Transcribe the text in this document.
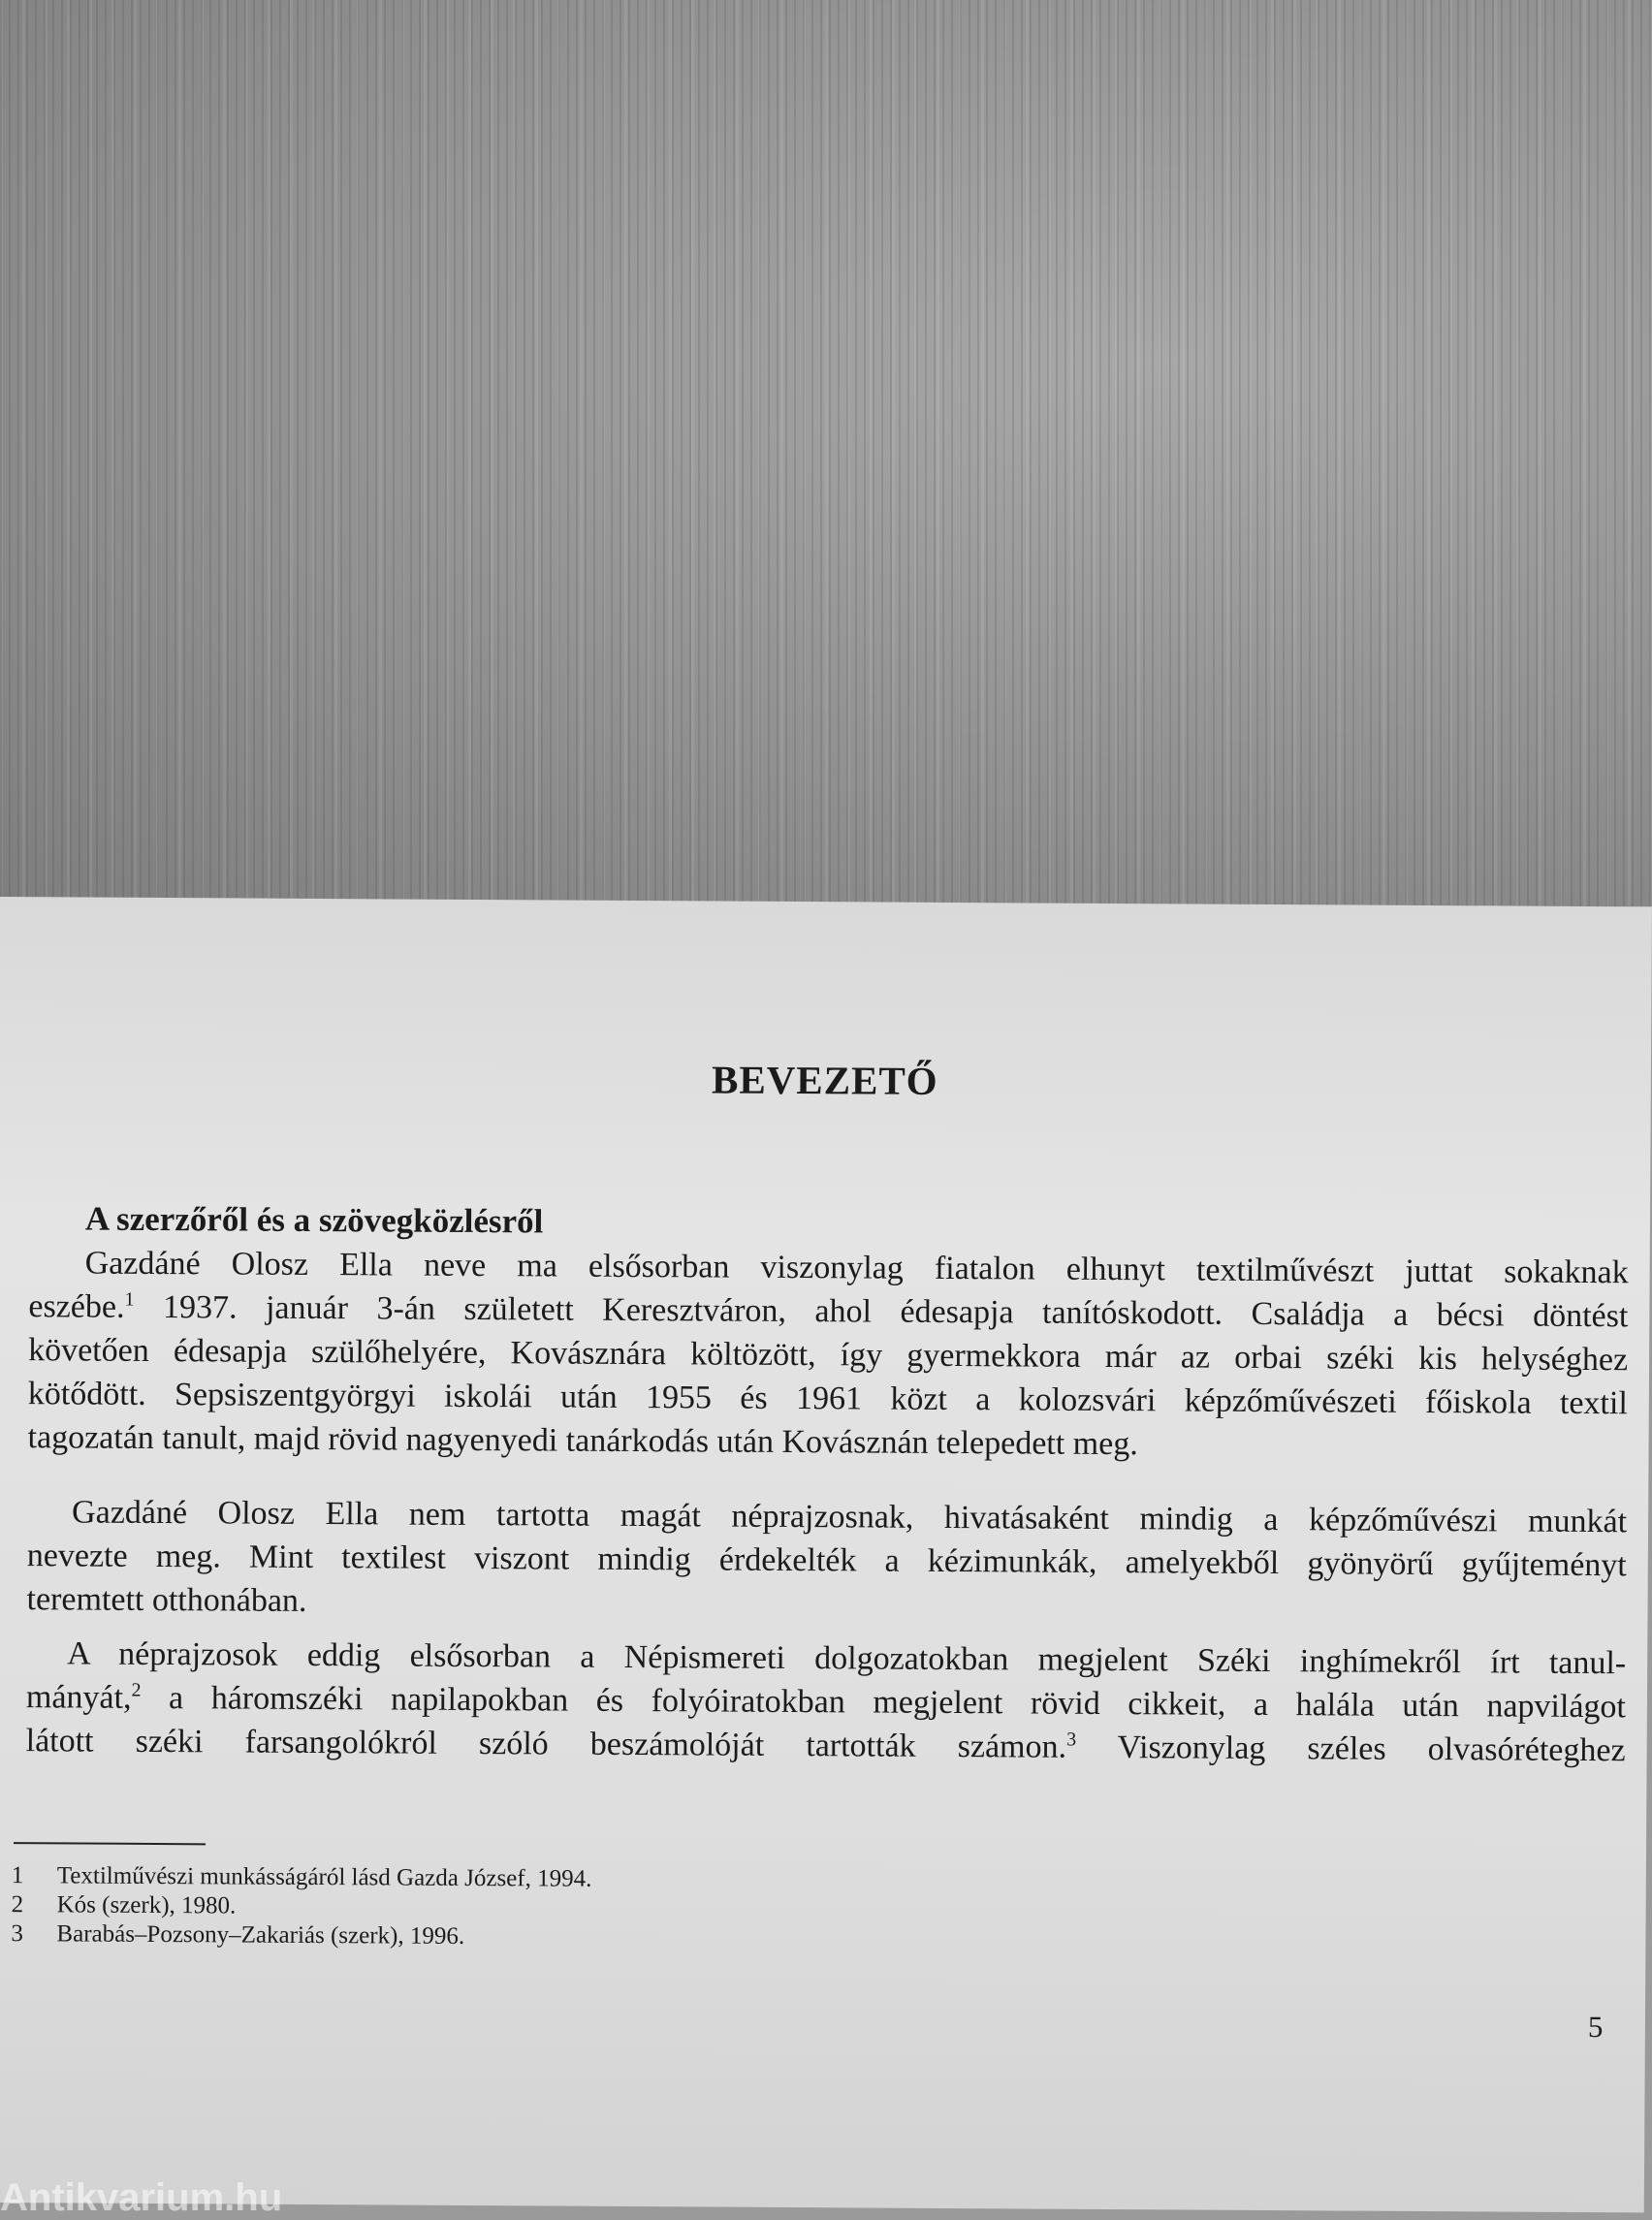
BEVEZETŐ
A szerzőről és a szövegközlésről
Gazdáné Olosz Ella neve ma elsősorban viszonylag fiatalon elhunyt textilművészt juttat sokaknak
eszébe.$^1$ 1937. január 3-án született Keresztváron, ahol édesapja tanítóskodott. Családja a bécsi döntést
követően édesapja szülőhelyére, Kovásznára költözött, így gyermekkora már az orbai széki kis helységhez
kötődött. Sepsiszentgyörgyi iskolái után 1955 és 1961 közt a kolozsvári képzőművészeti főiskola textil
tagozatán tanult, majd rövid nagyenyedi tanárkodás után Kovásznán telepedett meg.
Gazdáné Olosz Ella nem tartotta magát néprajzosnak, hivatásaként mindig a képzőművészi munkát
nevezte meg. Mint textilest viszont mindig érdekelték a kézimunkák, amelyekből gyönyörű gyűjteményt
teremtett otthonában.
A néprajzosok eddig elsősorban a Népismereti dolgozatokban megjelent Széki inghímekről írt tanul-
mányát,$^2$ a háromszéki napilapokban és folyóiratokban megjelent rövid cikkeit, a halála után napvilágot
látott széki farsangolókról szóló beszámolóját tartották számon.$^3$ Viszonylag széles olvasóréteghez
1 Textilművészi munkásságáról lásd Gazda József, 1994.
2 Kós (szerk), 1980.
3 Barabás–Pozsony–Zakariás (szerk), 1996.
5
Antikvarium.hu
